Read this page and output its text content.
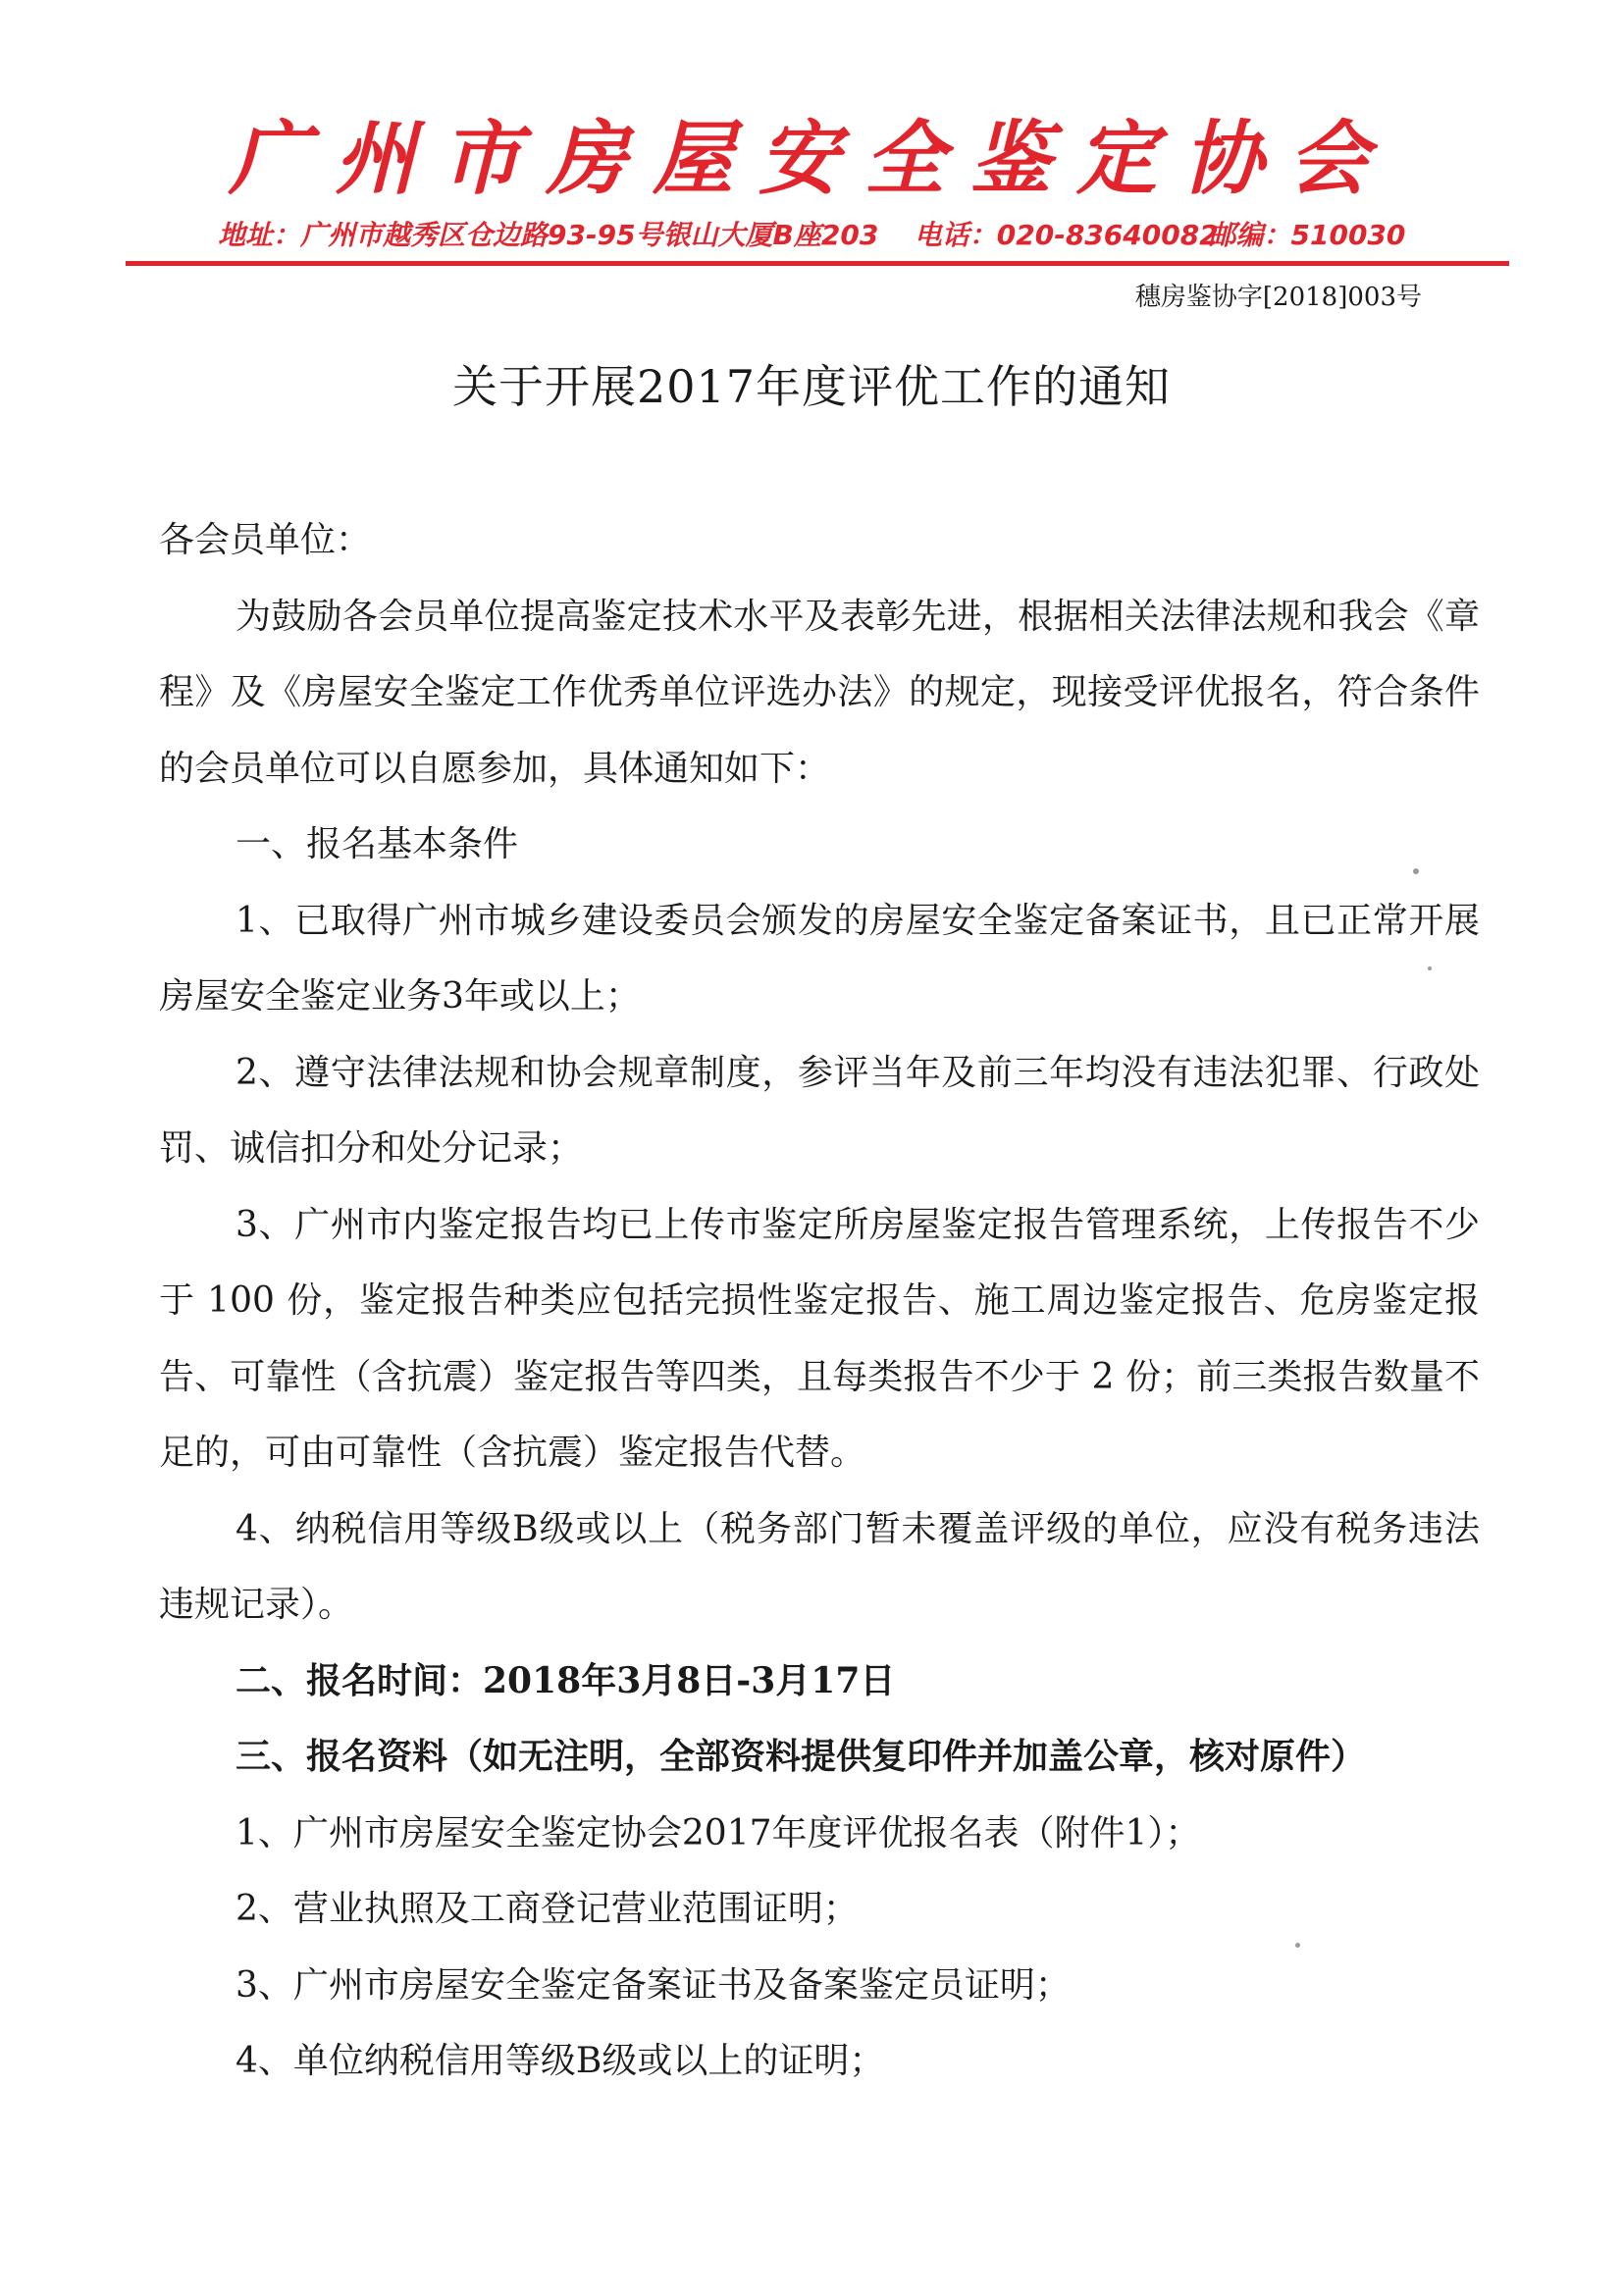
广州市房屋安全鉴定协会
地址：广州市越秀区仓边路93-95号银山大厦B座203 电话：020-83640082 邮编：510030
穗房鉴协字[2018]003号
关于开展2017年度评优工作的通知

各会员单位：

为鼓励各会员单位提高鉴定技术水平及表彰先进，根据相关法律法规和我会《章程》及《房屋安全鉴定工作优秀单位评选办法》的规定，现接受评优报名，符合条件的会员单位可以自愿参加，具体通知如下：

一、报名基本条件

1、已取得广州市城乡建设委员会颁发的房屋安全鉴定备案证书，且已正常开展房屋安全鉴定业务3年或以上；

2、遵守法律法规和协会规章制度，参评当年及前三年均没有违法犯罪、行政处罚、诚信扣分和处分记录；

3、广州市内鉴定报告均已上传市鉴定所房屋鉴定报告管理系统，上传报告不少于 100 份，鉴定报告种类应包括完损性鉴定报告、施工周边鉴定报告、危房鉴定报告、可靠性（含抗震）鉴定报告等四类，且每类报告不少于 2 份；前三类报告数量不足的，可由可靠性（含抗震）鉴定报告代替。

4、纳税信用等级B级或以上（税务部门暂未覆盖评级的单位，应没有税务违法违规记录）。

二、报名时间：2018年3月8日-3月17日

三、报名资料（如无注明，全部资料提供复印件并加盖公章，核对原件）

1、广州市房屋安全鉴定协会2017年度评优报名表（附件1）；

2、营业执照及工商登记营业范围证明；

3、广州市房屋安全鉴定备案证书及备案鉴定员证明；

4、单位纳税信用等级B级或以上的证明；
